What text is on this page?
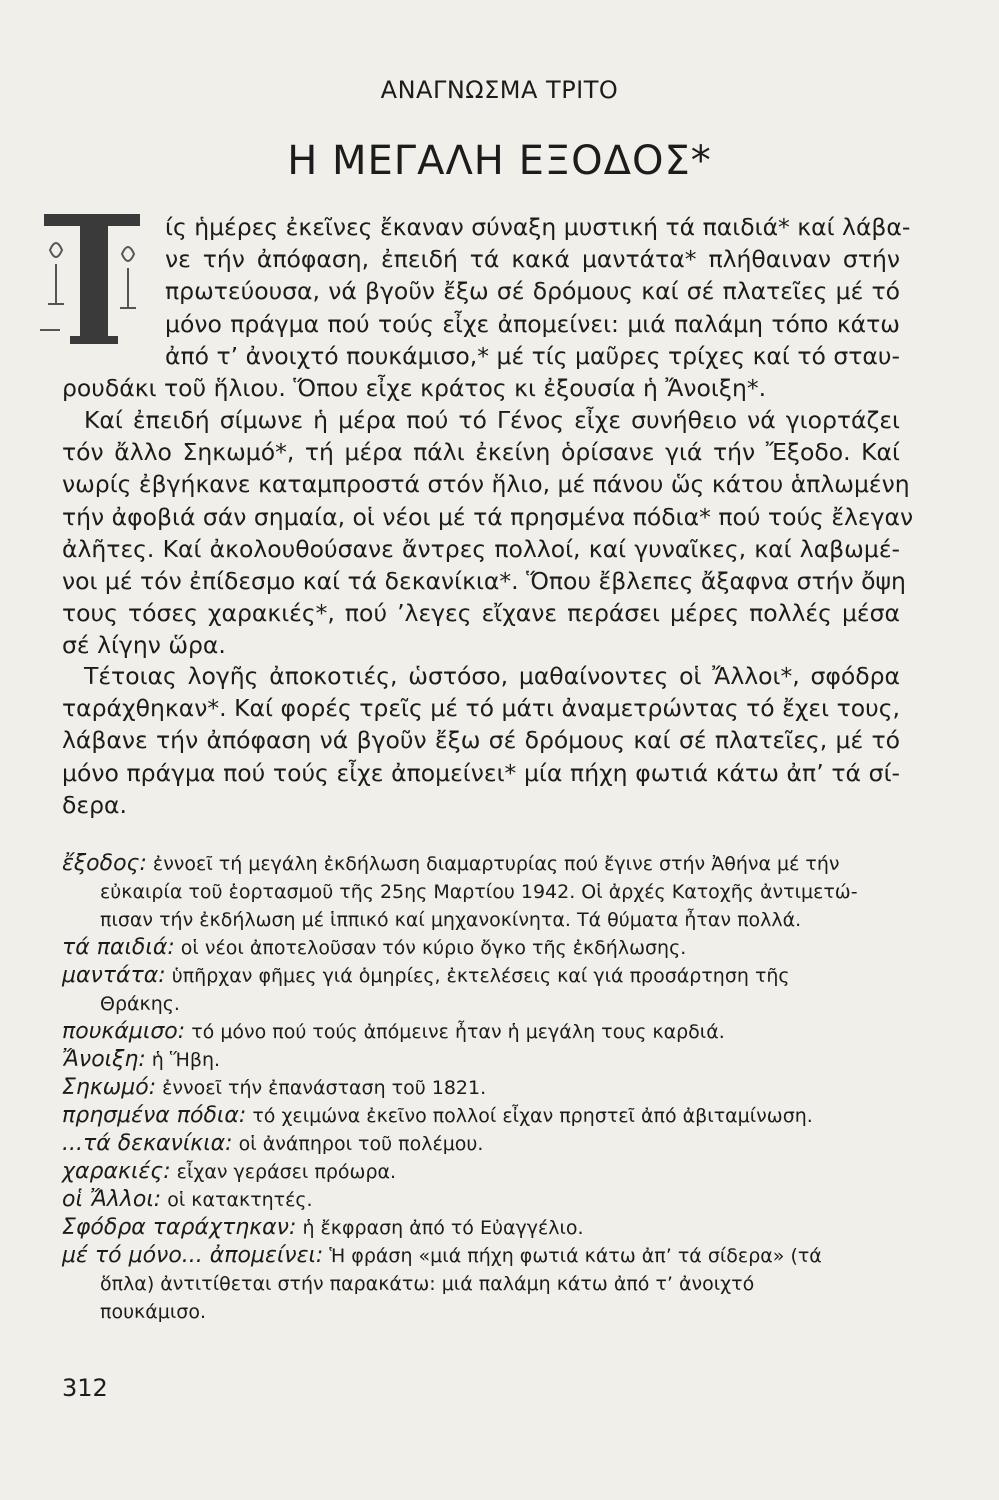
ΑΝΑΓΝΩΣΜΑ ΤΡΙΤΟ
Η ΜΕΓΑΛΗ ΕΞΟΔΟΣ*
ίς ἡμέρες ἐκεῖνες ἔκαναν σύναξη μυστική τά παιδιά* καί λάβα-
νε τήν ἀπόφαση, ἐπειδή τά κακά μαντάτα* πλήθαιναν στήν
πρωτεύουσα, νά βγοῦν ἔξω σέ δρόμους καί σέ πλατεῖες μέ τό
μόνο πράγμα πού τούς εἶχε ἀπομείνει: μιά παλάμη τόπο κάτω
ἀπό τ’ ἀνοιχτό πουκάμισο,* μέ τίς μαῦρες τρίχες καί τό σταυ-
ρουδάκι τοῦ ἥλιου. Ὅπου εἶχε κράτος κι ἐξουσία ἡ Ἄνοιξη*.
Καί ἐπειδή σίμωνε ἡ μέρα πού τό Γένος εἶχε συνήθειο νά γιορτάζει
τόν ἄλλο Σηκωμό*, τή μέρα πάλι ἐκείνη ὁρίσανε γιά τήν Ἔξοδο. Καί
νωρίς ἐβγήκανε καταμπροστά στόν ἥλιο, μέ πάνου ὥς κάτου ἁπλωμένη
τήν ἀφοβιά σάν σημαία, οἱ νέοι μέ τά πρησμένα πόδια* πού τούς ἔλεγαν
ἀλῆτες. Καί ἀκολουθούσανε ἄντρες πολλοί, καί γυναῖκες, καί λαβωμέ-
νοι μέ τόν ἐπίδεσμο καί τά δεκανίκια*. Ὅπου ἔβλεπες ἄξαφνα στήν ὄψη
τους τόσες χαρακιές*, πού ’λεγες εἴχανε περάσει μέρες πολλές μέσα
σέ λίγην ὥρα.
Τέτοιας λογῆς ἀποκοτιές, ὡστόσο, μαθαίνοντες οἱ Ἄλλοι*, σφόδρα
ταράχθηκαν*. Καί φορές τρεῖς μέ τό μάτι ἀναμετρώντας τό ἔχει τους,
λάβανε τήν ἀπόφαση νά βγοῦν ἔξω σέ δρόμους καί σέ πλατεῖες, μέ τό
μόνο πράγμα πού τούς εἶχε ἀπομείνει* μία πήχη φωτιά κάτω ἀπ’ τά σί-
δερα.
ἔξοδος: ἐννοεῖ τή μεγάλη ἐκδήλωση διαμαρτυρίας πού ἔγινε στήν Ἀθήνα μέ τήν
εὐκαιρία τοῦ ἑορτασμοῦ τῆς 25ης Μαρτίου 1942. Οἱ ἀρχές Κατοχῆς ἀντιμετώ-
πισαν τήν ἐκδήλωση μέ ἱππικό καί μηχανοκίνητα. Τά θύματα ἦταν πολλά.
τά παιδιά: οἱ νέοι ἀποτελοῦσαν τόν κύριο ὄγκο τῆς ἐκδήλωσης.
μαντάτα: ὑπῆρχαν φῆμες γιά ὁμηρίες, ἐκτελέσεις καί γιά προσάρτηση τῆς
Θράκης.
πουκάμισο: τό μόνο πού τούς ἀπόμεινε ἦταν ἡ μεγάλη τους καρδιά.
Ἄνοιξη: ἡ Ἥβη.
Σηκωμό: ἐννοεῖ τήν ἐπανάσταση τοῦ 1821.
πρησμένα πόδια: τό χειμώνα ἐκεῖνο πολλοί εἶχαν πρηστεῖ ἀπό ἀβιταμίνωση.
...τά δεκανίκια: οἱ ἀνάπηροι τοῦ πολέμου.
χαρακιές: εἶχαν γεράσει πρόωρα.
οἱ Ἄλλοι: οἱ κατακτητές.
Σφόδρα ταράχτηκαν: ἡ ἔκφραση ἀπό τό Εὐαγγέλιο.
μέ τό μόνο... ἀπομείνει: Ἡ φράση «μιά πήχη φωτιά κάτω ἀπ’ τά σίδερα» (τά
ὅπλα) ἀντιτίθεται στήν παρακάτω: μιά παλάμη κάτω ἀπό τ’ ἀνοιχτό
πουκάμισο.
312
